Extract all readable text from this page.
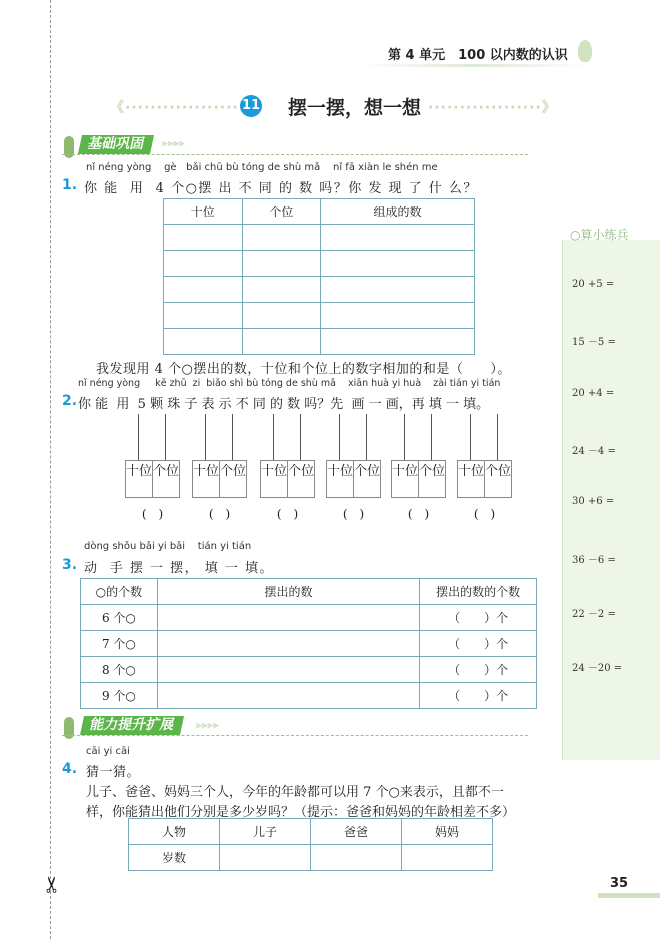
第 4 单元　100 以内数的认识
《·················· 11 摆一摆，想一想 ··················》
○算小练兵
20 +5 =
15 －5 =
20 +4 =
24 －4 =
30 +6 =
36 －6 =
22 －2 =
24 －20 =
基础巩固	⫸⫸⫸⫸
nǐ néng yòng    gè   bǎi chū bù tóng de shù mǎ    nǐ fā xiàn le shén me
1. 你 能  用  4 个○摆 出 不 同 的 数 吗？你 发 现 了 什 么？
十位	个位	组成的数

我发现用 4 个○摆出的数，十位和个位上的数字相加的和是（　　）。
nǐ néng yòng     kē zhū  zi  biǎo shì bù tóng de shù mǎ    xiān huà yi huà    zài tián yi tián
2. 你 能  用  5 颗 珠 子 表 示 不 同 的 数 吗？先  画 一 画，再 填 一 填。
十位 个位
(　)
十位 个位
(　)
十位 个位
(　)
十位 个位
(　)
十位 个位
(　)
十位 个位
(　)
dòng shǒu bǎi yi bǎi    tián yi tián
3. 动  手 摆 一 摆， 填 一 填。
○的个数	摆出的数	摆出的数的个数
6 个○		（　　）个
7 个○		（　　）个
8 个○		（　　）个
9 个○		（　　）个
能力提升扩展	⫸⫸⫸⫸
cāi yi cāi
4. 猜一猜。
儿子、爸爸、妈妈三个人，今年的年龄都可以用 7 个○来表示，且都不一
样，你能猜出他们分别是多少岁吗？（提示：爸爸和妈妈的年龄相差不多）
人物	儿子	爸爸	妈妈
岁数			
✂	35
